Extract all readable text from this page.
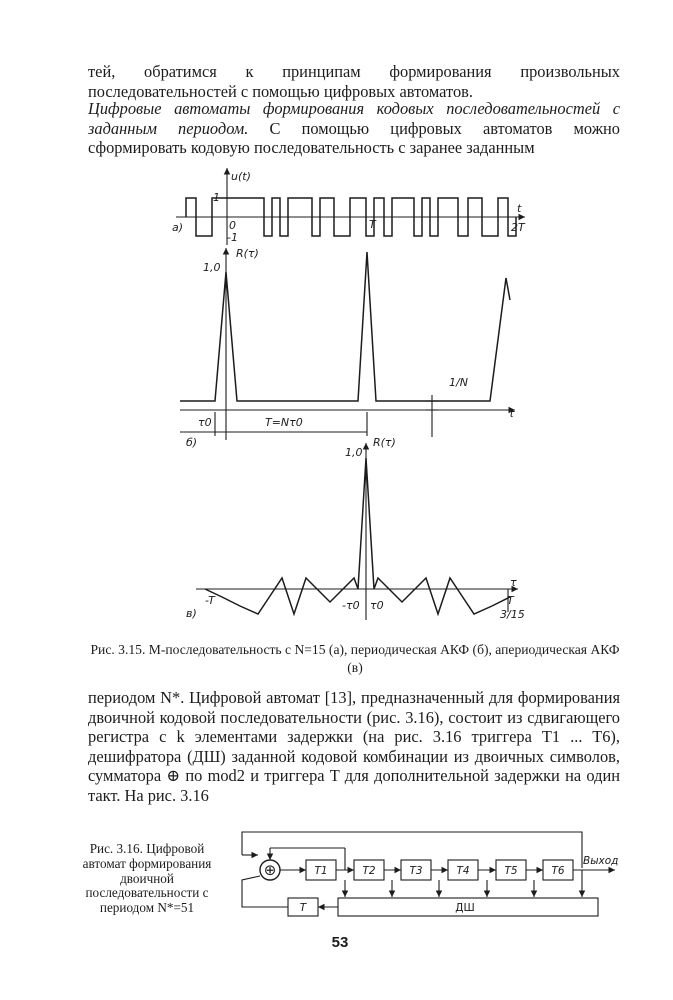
тей, обратимся к принципам формирования произвольных последовательностей с помощью цифровых автоматов.

Цифровые автоматы формирования кодовых последовательностей с заданным периодом. С помощью цифровых автоматов можно сформировать кодовую последовательность с заранее заданным

u(t)
t
1
-1
0	T	2T
а)
R(τ)
1,0
1/N
τ0	T=Nτ0
τ
б)	R(τ)
1,0
τ
-T	-τ0 τ0	T
3/15
в)
⊕	T1	T2	T3	T4	T5	T6
Выход
ДШ
T

Рис. 3.15. M-последовательность с N=15 (а), периодическая АКФ (б), апериодическая АКФ (в)

периодом N*. Цифровой автомат [13], предназначенный для формирования двоичной кодовой последовательности (рис. 3.16), состоит из сдвигающего регистра с k элементами задержки (на рис. 3.16 триггера T1 ... T6), дешифратора (ДШ) заданной кодовой комбинации из двоичных символов, сумматора ⊕ по mod2 и триггера T для дополнительной задержки на один такт. На рис. 3.16

Рис. 3.16. Цифровой автомат формирования двоичной последовательности с периодом N*=51

53
